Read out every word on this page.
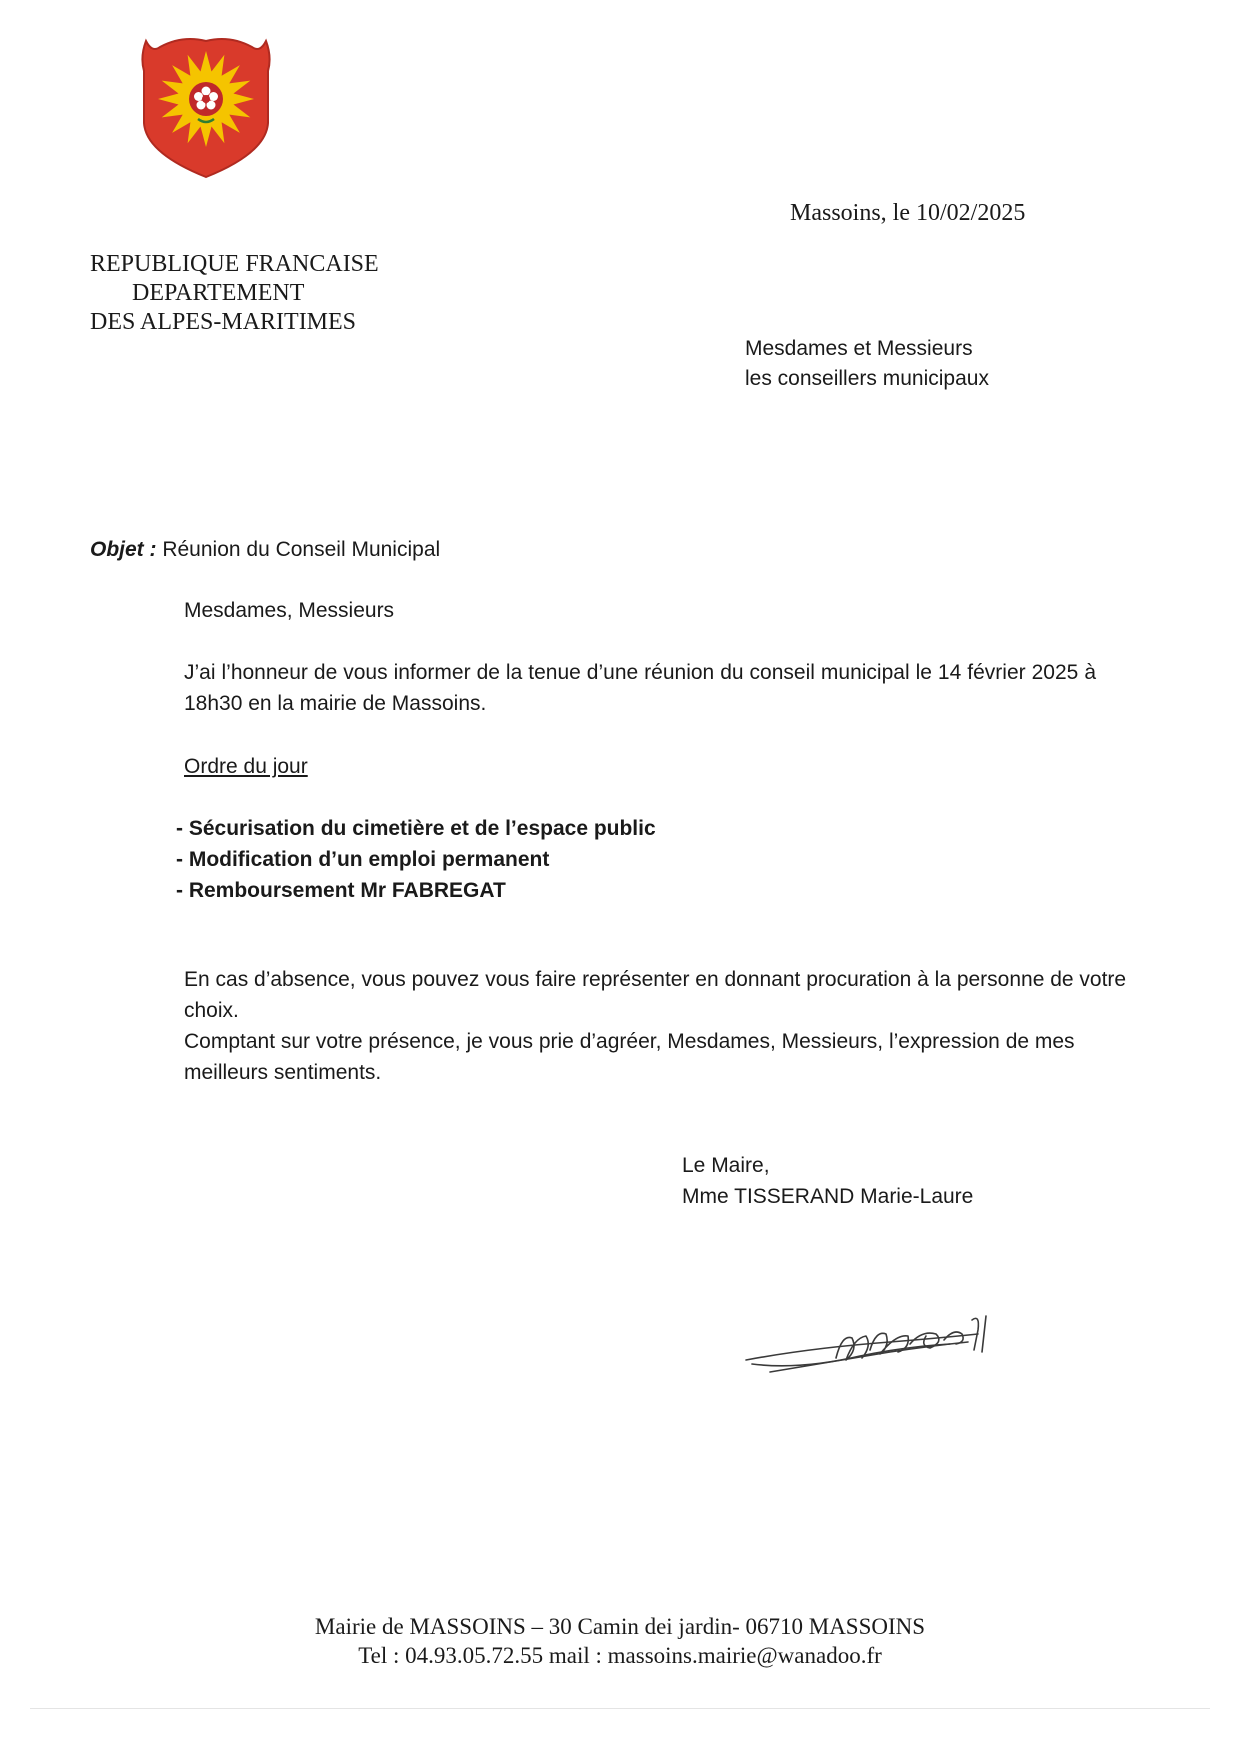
Massoins, le 10/02/2025
REPUBLIQUE FRANCAISE
DEPARTEMENT
DES ALPES-MARITIMES
Mesdames et Messieurs
les conseillers municipaux
Objet : Réunion du Conseil Municipal
Mesdames, Messieurs
J’ai l’honneur de vous informer de la tenue d’une réunion du conseil municipal le 14 février 2025 à 18h30 en la mairie de Massoins.
Ordre du jour
- Sécurisation du cimetière et de l’espace public
- Modification d’un emploi permanent
- Remboursement Mr FABREGAT
En cas d’absence, vous pouvez vous faire représenter en donnant procuration à la personne de votre choix.
Comptant sur votre présence, je vous prie d’agréer, Mesdames, Messieurs, l’expression de mes meilleurs sentiments.
Le Maire,
Mme TISSERAND Marie-Laure
Mairie de MASSOINS – 30 Camin dei jardin- 06710 MASSOINS
Tel : 04.93.05.72.55 mail : massoins.mairie@wanadoo.fr
